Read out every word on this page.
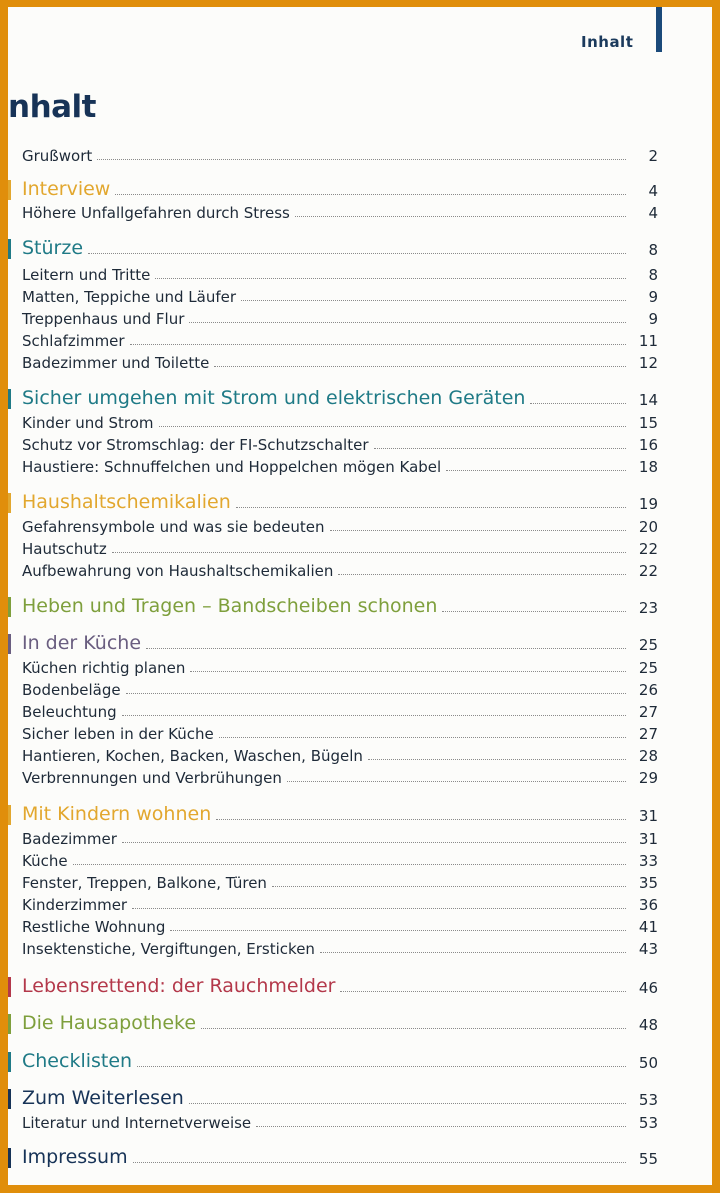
Inhalt
nhalt
Grußwort	2
Interview	4
Höhere Unfallgefahren durch Stress	4
Stürze	8
Leitern und Tritte	8
Matten, Teppiche und Läufer	9
Treppenhaus und Flur	9
Schlafzimmer	11
Badezimmer und Toilette	12
Sicher umgehen mit Strom und elektrischen Geräten	14
Kinder und Strom	15
Schutz vor Stromschlag: der FI-Schutzschalter	16
Haustiere: Schnuffelchen und Hoppelchen mögen Kabel	18
Haushaltschemikalien	19
Gefahrensymbole und was sie bedeuten	20
Hautschutz	22
Aufbewahrung von Haushaltschemikalien	22
Heben und Tragen – Bandscheiben schonen	23
In der Küche	25
Küchen richtig planen	25
Bodenbeläge	26
Beleuchtung	27
Sicher leben in der Küche	27
Hantieren, Kochen, Backen, Waschen, Bügeln	28
Verbrennungen und Verbrühungen	29
Mit Kindern wohnen	31
Badezimmer	31
Küche	33
Fenster, Treppen, Balkone, Türen	35
Kinderzimmer	36
Restliche Wohnung	41
Insektenstiche, Vergiftungen, Ersticken	43
Lebensrettend: der Rauchmelder	46
Die Hausapotheke	48
Checklisten	50
Zum Weiterlesen	53
Literatur und Internetverweise	53
Impressum	55
